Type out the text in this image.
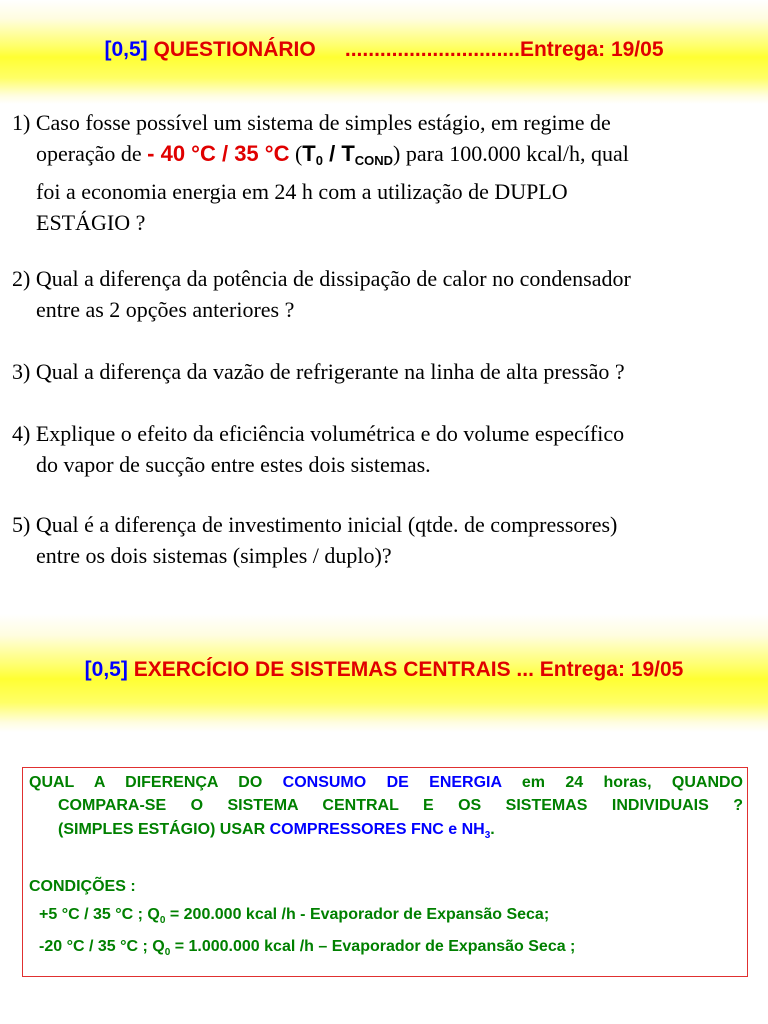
[0,5] QUESTIONÁRIO ..............................Entrega: 19/05
1) Caso fosse possível um sistema de simples estágio, em regime de
operação de - 40 °C / 35 °C $(T_0 / T_{COND})$ para 100.000 kcal/h, qual
foi a economia energia em 24 h com a utilização de DUPLO
ESTÁGIO ?
2) Qual a diferença da potência de dissipação de calor no condensador
entre as 2 opções anteriores ?
3) Qual a diferença da vazão de refrigerante na linha de alta pressão ?
4) Explique o efeito da eficiência volumétrica e do volume específico
do vapor de sucção entre estes dois sistemas.
5) Qual é a diferença de investimento inicial (qtde. de compressores)
entre os dois sistemas (simples / duplo)?
[0,5] EXERCÍCIO DE SISTEMAS CENTRAIS ... Entrega: 19/05
QUAL A DIFERENÇA DO CONSUMO DE ENERGIA em 24 horas, QUANDO
COMPARA-SE O SISTEMA CENTRAL E OS SISTEMAS INDIVIDUAIS ?
(SIMPLES ESTÁGIO) USAR COMPRESSORES FNC e $NH_3$.
CONDIÇÕES :
+5 °C / 35 °C ; $Q_0 = 200.000$ kcal /h - Evaporador de Expansão Seca;
-20 °C / 35 °C ; $Q_0 = 1.000.000$ kcal /h – Evaporador de Expansão Seca ;
